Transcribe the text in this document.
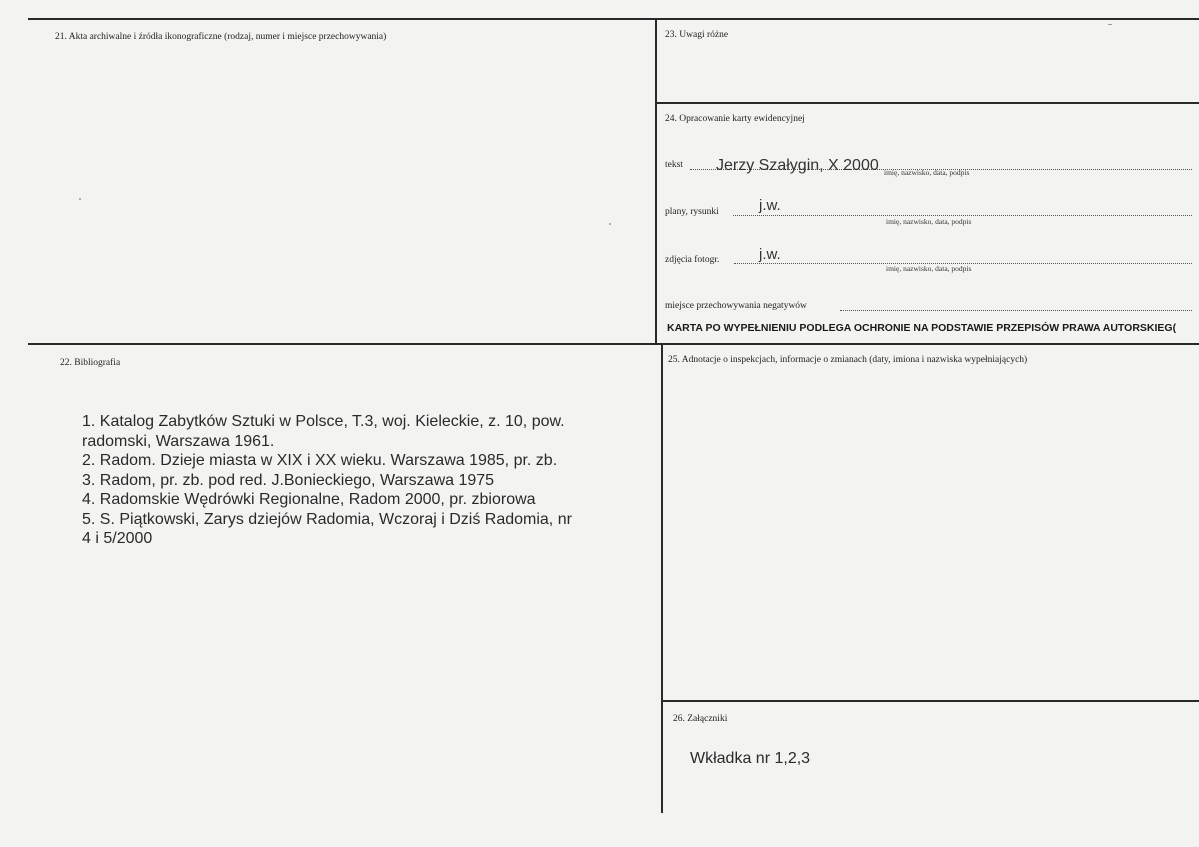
21. Akta archiwalne i źródła ikonograficzne (rodzaj, numer i miejsce przechowywania)	23. Uwagi różne
24. Opracowanie karty ewidencyjnej
tekst Jerzy Szałygin, X 2000 imię, nazwisko, data, podpis
plany, rysunki	j.w.
imię, nazwisko, data, podpis
zdjęcia fotogr.	j.w.
imię, nazwisko, data, podpis
miejsce przechowywania negatywów
KARTA PO WYPEŁNIENIU PODLEGA OCHRONIE NA PODSTAWIE PRZEPISÓW PRAWA AUTORSKIEG(
22. Bibliografia
1. Katalog Zabytków Sztuki w Polsce, T.3, woj. Kieleckie, z. 10, pow.
radomski, Warszawa 1961.
2. Radom. Dzieje miasta w XIX i XX wieku. Warszawa 1985, pr. zb.
3. Radom, pr. zb. pod red. J.Bonieckiego, Warszawa 1975
4. Radomskie Wędrówki Regionalne, Radom 2000, pr. zbiorowa
5. S. Piątkowski, Zarys dziejów Radomia, Wczoraj i Dziś Radomia, nr
4 i 5/2000
25. Adnotacje o inspekcjach, informacje o zmianach (daty, imiona i nazwiska wypełniających)
26. Załączniki
Wkładka nr 1,2,3
